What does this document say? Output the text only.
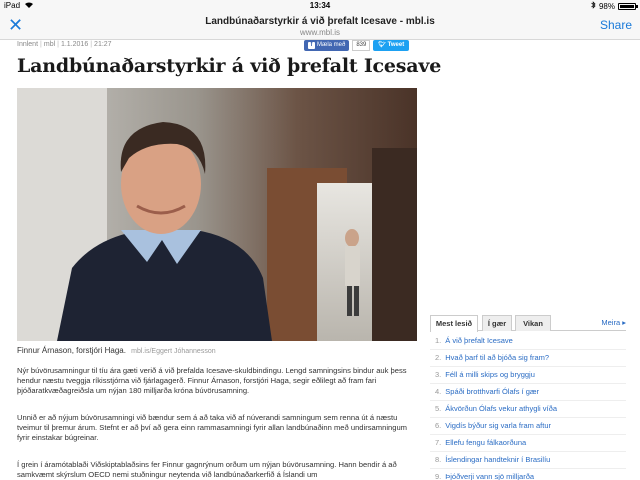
iPad	13:34	98%
✕	Landbúnaðarstyrkir á við þrefalt Icesave - mbl.is
www.mbl.is
Share
Innlent | mbl | 1.1.2016 | 21:27	f Mæla með	839	🐦︎ Tweet
Landbúnaðarstyrkir á við þrefalt Icesave
Finnur Árnason, forstjóri Haga. mbl.is/Eggert Jóhannesson

Nýr búvörusamningur til tíu ára gæti verið á við þrefalda Icesave-skuldbindingu. Lengd samningsins bindur auk þess hendur næstu tveggja ríkisstjórna við fjárlagagerð. Finnur Árnason, forstjóri Haga, segir eðlilegt að fram fari þjóðaratkvæðagreiðsla um nýjan 180 milljarða króna búvörusamning.

Unnið er að nýjum búvörusamningi við bændur sem á að taka við af núverandi samningum sem renna út á næstu tveimur til þremur árum. Stefnt er að því að gera einn rammasamningi fyrir allan landbúnaðinn með undirsamningum fyrir einstakar búgreinar.

Í grein í áramótablaði Viðskiptablaðsins fer Finnur gagnrýnum orðum um nýjan búvörusamning. Hann bendir á að samkvæmt skýrslum OECD nemi stuðningur neytenda við landbúnaðarkerfið á Íslandi um

Mest lesið	Í gær	Vikan	Meira ▸
1. Á við þrefalt Icesave
2. Hvað þarf til að bjóða sig fram?
3. Féll á milli skips og bryggju
4. Spáði brotthvarfi Ólafs í gær
5. Ákvörðun Ólafs vekur athygli víða
6. Vigdís býður sig varla fram aftur
7. Ellefu fengu fálkaorðuna
8. Íslendingar handteknir í Brasilíu
9. Þjóðverji vann sjö milljarða
